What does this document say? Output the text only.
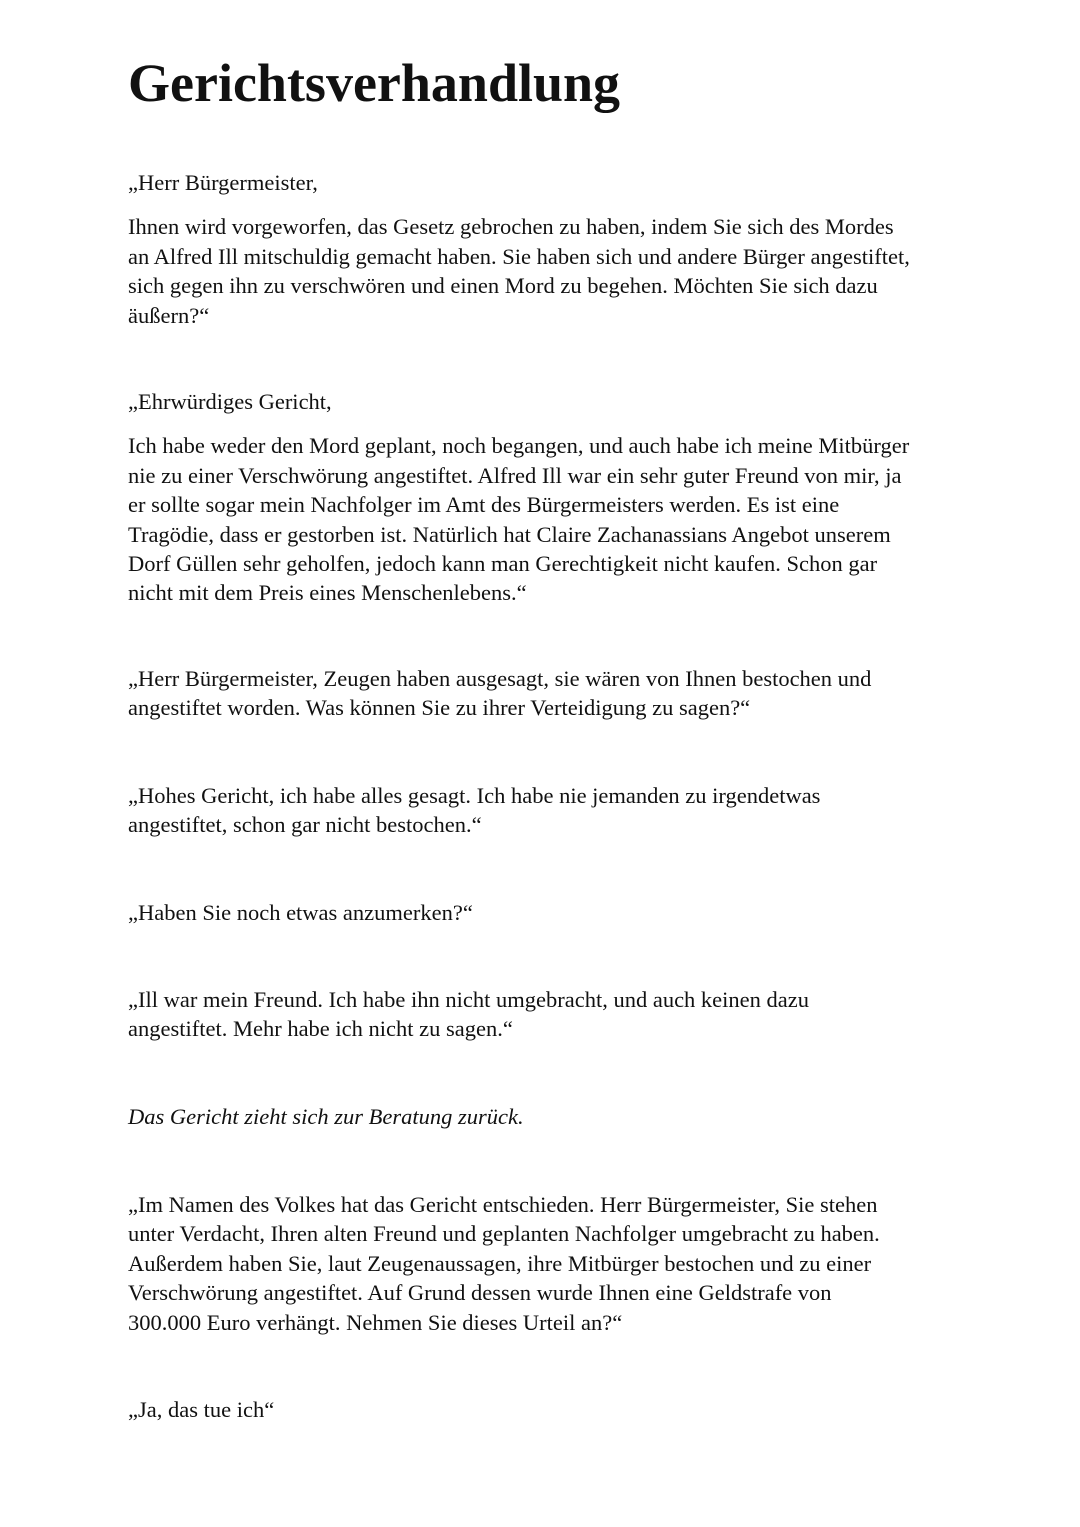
Gerichtsverhandlung

„Herr Bürgermeister,

Ihnen wird vorgeworfen, das Gesetz gebrochen zu haben, indem Sie sich des Mordes
an Alfred Ill mitschuldig gemacht haben. Sie haben sich und andere Bürger angestiftet,
sich gegen ihn zu verschwören und einen Mord zu begehen. Möchten Sie sich dazu
äußern?“

„Ehrwürdiges Gericht,

Ich habe weder den Mord geplant, noch begangen, und auch habe ich meine Mitbürger
nie zu einer Verschwörung angestiftet. Alfred Ill war ein sehr guter Freund von mir, ja
er sollte sogar mein Nachfolger im Amt des Bürgermeisters werden. Es ist eine
Tragödie, dass er gestorben ist. Natürlich hat Claire Zachanassians Angebot unserem
Dorf Güllen sehr geholfen, jedoch kann man Gerechtigkeit nicht kaufen. Schon gar
nicht mit dem Preis eines Menschenlebens.“

„Herr Bürgermeister, Zeugen haben ausgesagt, sie wären von Ihnen bestochen und
angestiftet worden. Was können Sie zu ihrer Verteidigung zu sagen?“
„Hohes Gericht, ich habe alles gesagt. Ich habe nie jemanden zu irgendetwas
angestiftet, schon gar nicht bestochen.“
„Haben Sie noch etwas anzumerken?“
„Ill war mein Freund. Ich habe ihn nicht umgebracht, und auch keinen dazu
angestiftet. Mehr habe ich nicht zu sagen.“
Das Gericht zieht sich zur Beratung zurück.
„Im Namen des Volkes hat das Gericht entschieden. Herr Bürgermeister, Sie stehen
unter Verdacht, Ihren alten Freund und geplanten Nachfolger umgebracht zu haben.
Außerdem haben Sie, laut Zeugenaussagen, ihre Mitbürger bestochen und zu einer
Verschwörung angestiftet. Auf Grund dessen wurde Ihnen eine Geldstrafe von
300.000 Euro verhängt. Nehmen Sie dieses Urteil an?“
„Ja, das tue ich“
